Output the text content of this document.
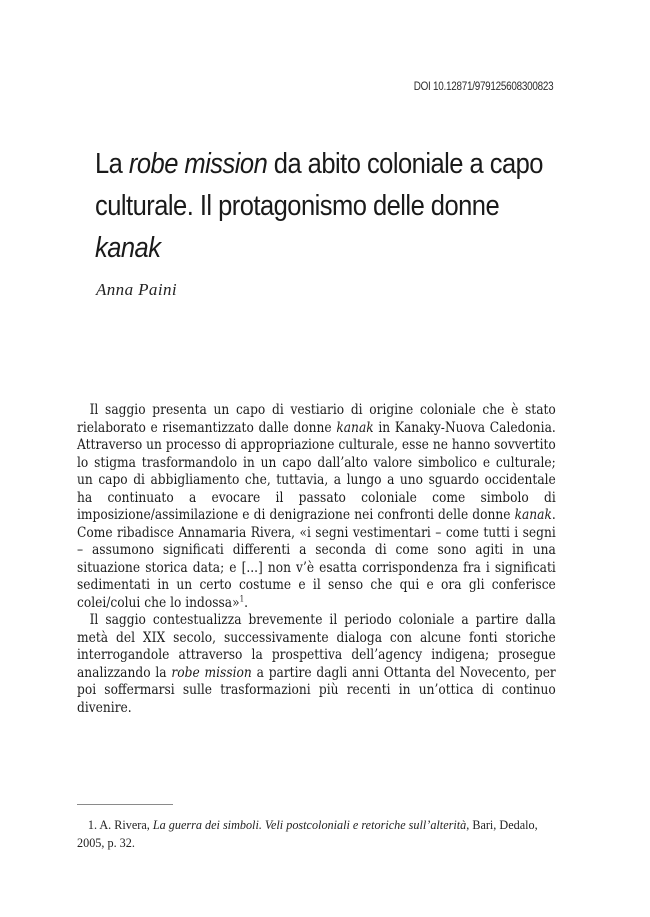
DOI 10.12871/979125608300823
La robe mission da abito coloniale a capo culturale. Il protagonismo delle donne kanak
Anna Paini

Il saggio presenta un capo di vestiario di origine coloniale che è stato rielaborato e risemantizzato dalle donne kanak in Kanaky-Nuova Caledonia. Attraverso un processo di appropriazione culturale, esse ne hanno sovvertito lo stigma trasformandolo in un capo dall’alto valore simbolico e culturale; un capo di abbigliamento che, tuttavia, a lungo a uno sguardo occidentale ha continuato a evocare il passato coloniale come simbolo di imposizione/assimilazione e di denigrazione nei confronti delle donne kanak. Come ribadisce Annamaria Rivera, «i segni vestimentari – come tutti i segni – assumono significati differenti a seconda di come sono agiti in una situazione storica data; e [...] non v’è esatta corrispondenza fra i significati sedimentati in un certo costume e il senso che qui e ora gli conferisce colei/colui che lo indossa»$^1$.

Il saggio contestualizza brevemente il periodo coloniale a partire dalla metà del XIX secolo, successivamente dialoga con alcune fonti storiche interrogandole attraverso la prospettiva dell’agency indigena; prosegue analizzando la robe mission a partire dagli anni Ottanta del Novecento, per poi soffermarsi sulle trasformazioni più recenti in un’ottica di continuo divenire.

1. A. Rivera, La guerra dei simboli. Veli postcoloniali e retoriche sull’alterità, Bari, Dedalo, 2005, p. 32.
